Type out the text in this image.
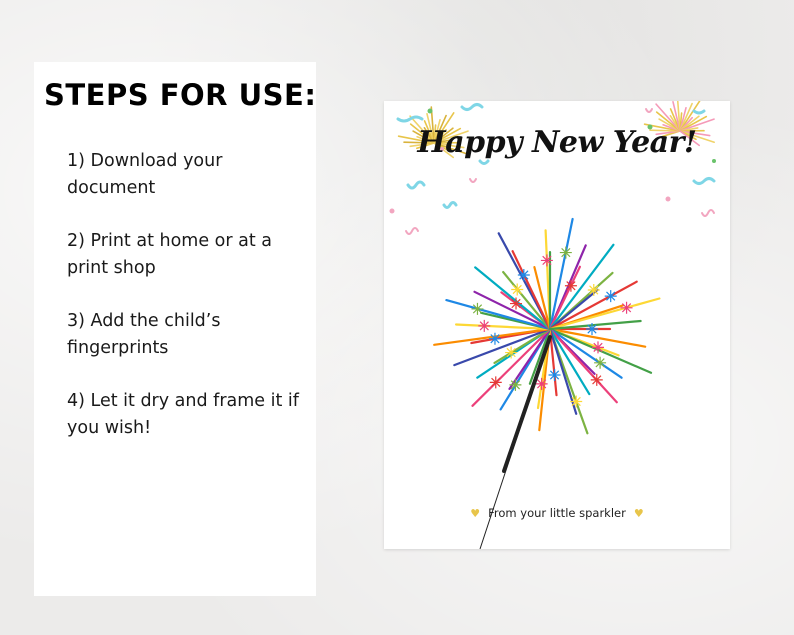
STEPS FOR USE:
1) Download your document
2) Print at home or at a print shop
3) Add the child’s fingerprints
4) Let it dry and frame it if you wish!
Happy New Year!
♥ From your little sparkler ♥
